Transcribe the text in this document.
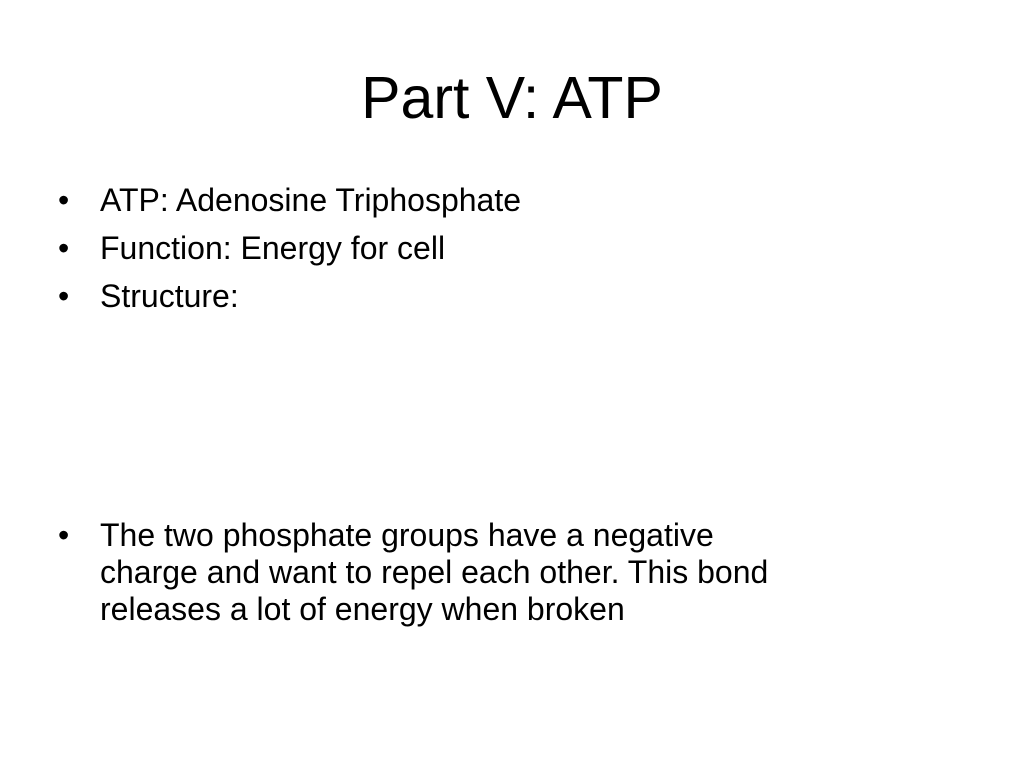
Part V: ATP
• ATP: Adenosine Triphosphate
• Function: Energy for cell
• Structure:
• The two phosphate groups have a negative
charge and want to repel each other. This bond
releases a lot of energy when broken
